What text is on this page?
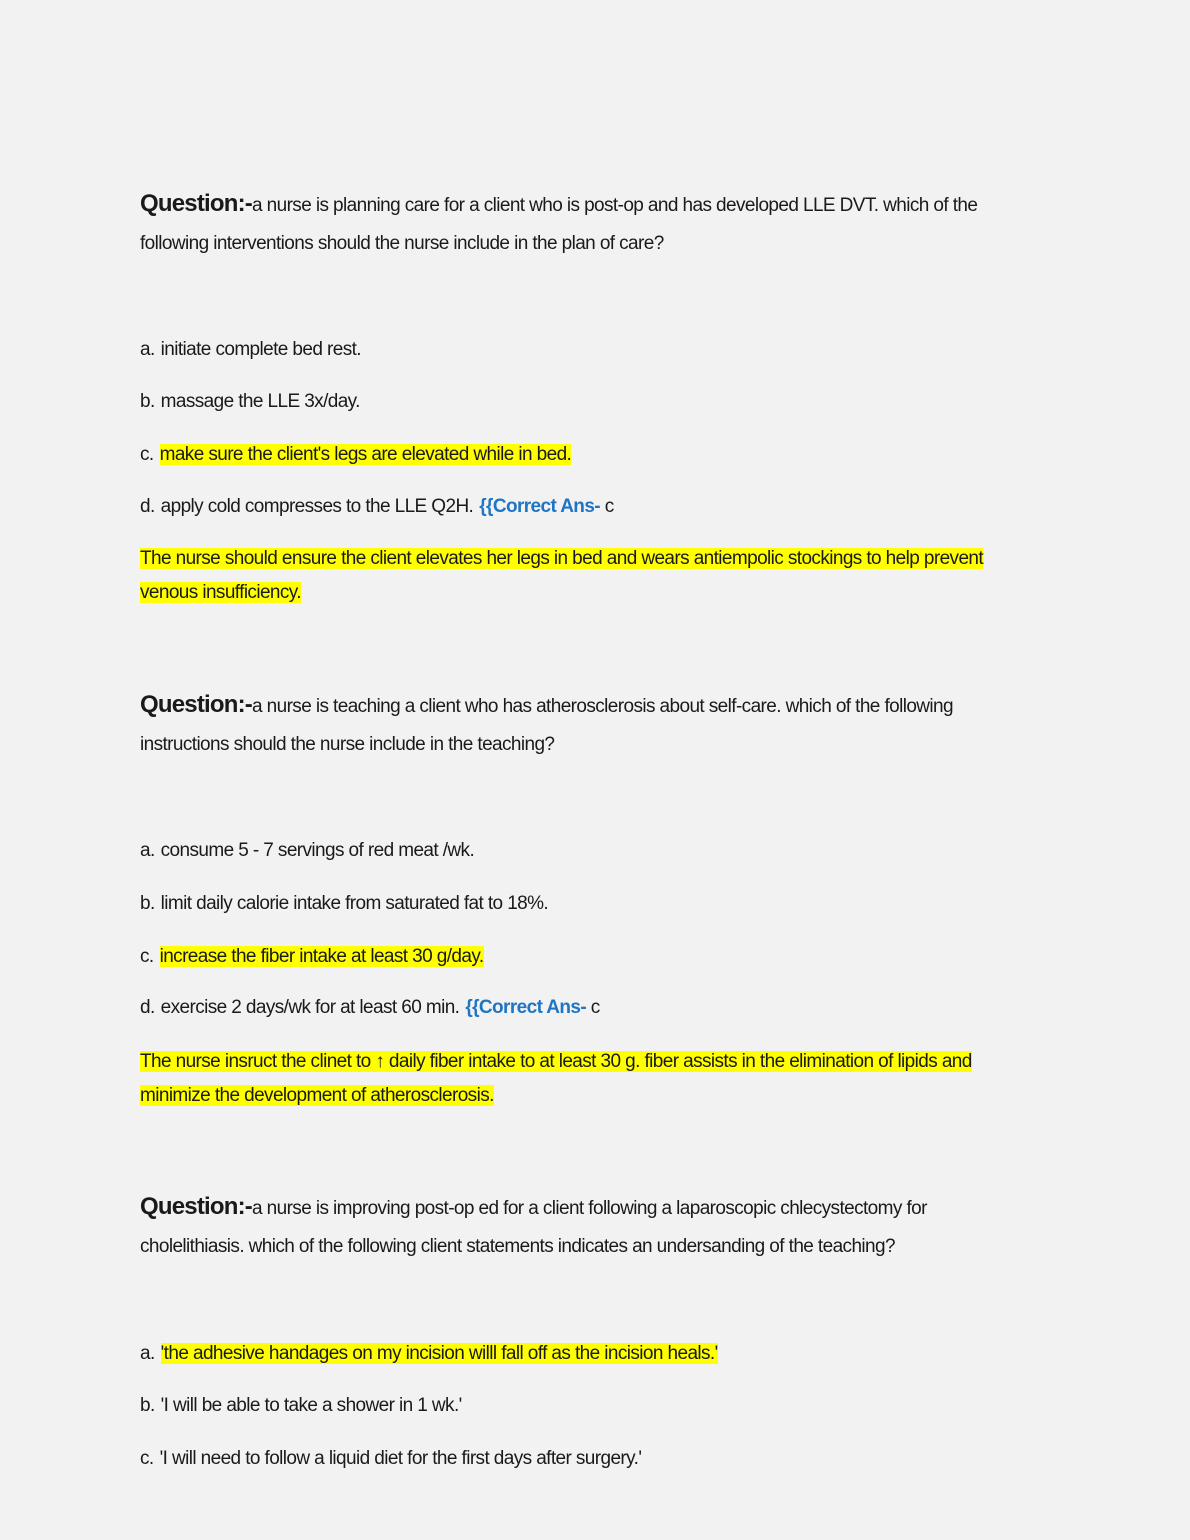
Question:-a nurse is planning care for a client who is post-op and has developed LLE DVT. which of the following interventions should the nurse include in the plan of care?

a. initiate complete bed rest.
b. massage the LLE 3x/day.
c. make sure the client's legs are elevated while in bed.
d. apply cold compresses to the LLE Q2H. {{Correct Ans- c
The nurse should ensure the client elevates her legs in bed and wears antiempolic stockings to help prevent venous insufficiency.

Question:-a nurse is teaching a client who has atherosclerosis about self-care. which of the following instructions should the nurse include in the teaching?

a. consume 5 - 7 servings of red meat /wk.
b. limit daily calorie intake from saturated fat to 18%.
c. increase the fiber intake at least 30 g/day.
d. exercise 2 days/wk for at least 60 min. {{Correct Ans- c
The nurse insruct the clinet to ↑ daily fiber intake to at least 30 g. fiber assists in the elimination of lipids and minimize the development of atherosclerosis.

Question:-a nurse is improving post-op ed for a client following a laparoscopic chlecystectomy for cholelithiasis. which of the following client statements indicates an undersanding of the teaching?

a. 'the adhesive handages on my incision willl fall off as the incision heals.'
b. 'I will be able to take a shower in 1 wk.'
c. 'I will need to follow a liquid diet for the first days after surgery.'
